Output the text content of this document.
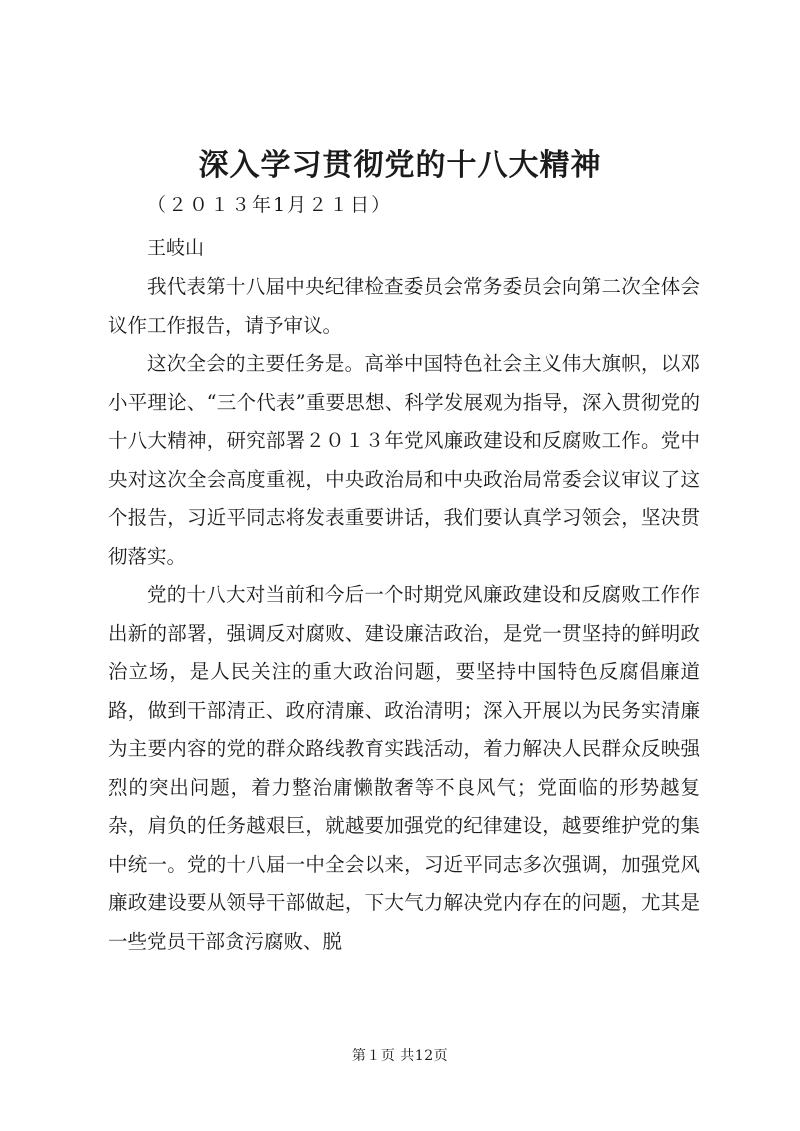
深入学习贯彻党的十八大精神
（２０１３年1月２１日）
王岐山

我代表第十八届中央纪律检查委员会常务委员会向第二次全体会议作工作报告，请予审议。

这次全会的主要任务是。高举中国特色社会主义伟大旗帜，以邓小平理论、“三个代表”重要思想、科学发展观为指导，深入贯彻党的十八大精神，研究部署２０１３年党风廉政建设和反腐败工作。党中央对这次全会高度重视，中央政治局和中央政治局常委会议审议了这个报告，习近平同志将发表重要讲话，我们要认真学习领会，坚决贯彻落实。

党的十八大对当前和今后一个时期党风廉政建设和反腐败工作作出新的部署，强调反对腐败、建设廉洁政治，是党一贯坚持的鲜明政治立场，是人民关注的重大政治问题，要坚持中国特色反腐倡廉道路，做到干部清正、政府清廉、政治清明；深入开展以为民务实清廉为主要内容的党的群众路线教育实践活动，着力解决人民群众反映强烈的突出问题，着力整治庸懒散奢等不良风气；党面临的形势越复杂，肩负的任务越艰巨，就越要加强党的纪律建设，越要维护党的集中统一。党的十八届一中全会以来，习近平同志多次强调，加强党风廉政建设要从领导干部做起，下大气力解决党内存在的问题，尤其是一些党员干部贪污腐败、脱

第１页 共12页
